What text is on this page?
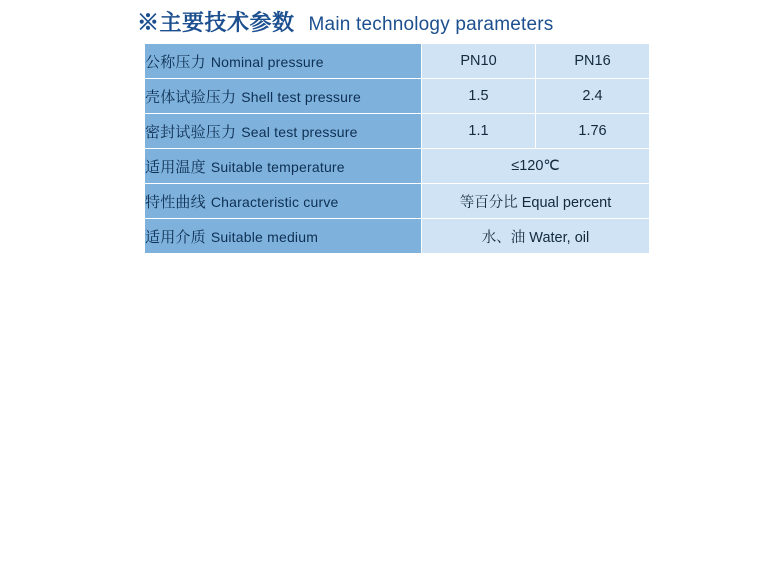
※主要技术参数 Main technology parameters
公称压力 Nominal pressure	PN10	PN16
壳体试验压力 Shell test pressure	1.5	2.4
密封试验压力 Seal test pressure	1.1	1.76
适用温度 Suitable temperature	≤120℃	
特性曲线 Characteristic curve	等百分比 Equal percent	
适用介质 Suitable medium	水、油 Water, oil	
